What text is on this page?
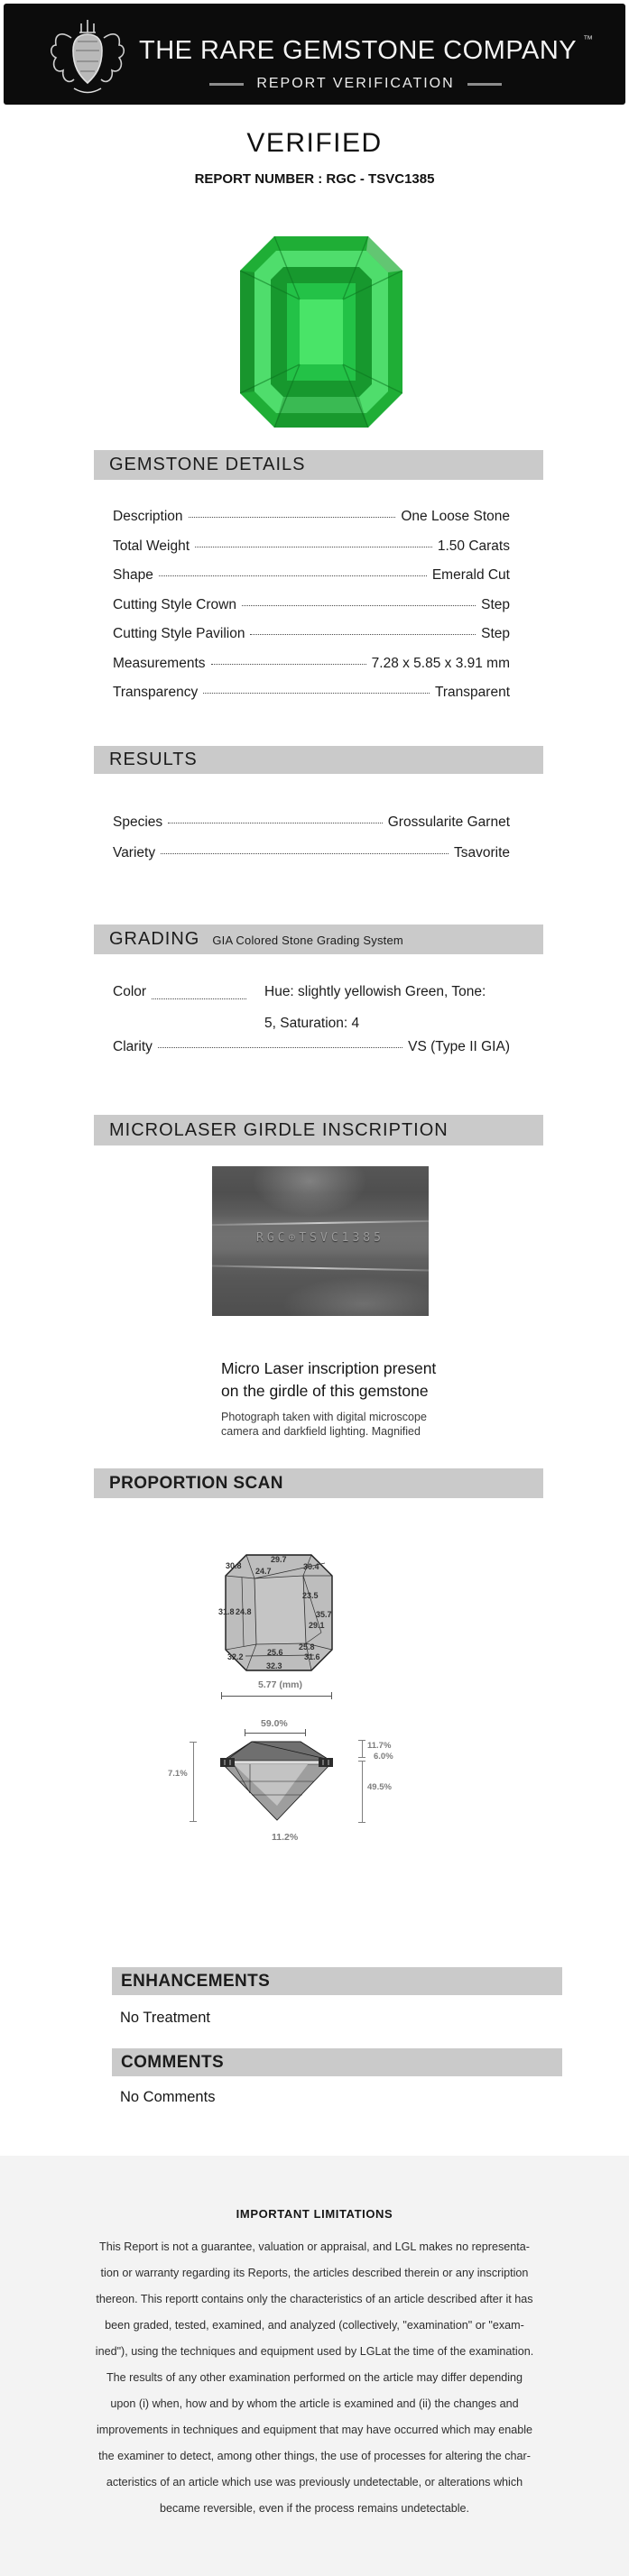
THE RARE GEMSTONE COMPANY ™
REPORT VERIFICATION
VERIFIED
REPORT NUMBER : RGC - TSVC1385
GEMSTONE DETAILS
Description	One Loose Stone
Total Weight	1.50 Carats
Shape	Emerald Cut
Cutting Style Crown	Step
Cutting Style Pavilion	Step
Measurements	7.28 x 5.85 x 3.91 mm
Transparency	Transparent
RESULTS
Species	Grossularite Garnet
Variety	Tsavorite
GRADING GIA Colored Stone Grading System
Color	Hue: slightly yellowish Green, Tone:
5, Saturation: 4
Clarity	VS (Type II GIA)
MICROLASER GIRDLE INSCRIPTION
RGC⊕TSVC1385
Micro Laser inscription present
on the girdle of this gemstone
Photograph taken with digital microscope
camera and darkfield lighting. Magnified
PROPORTION SCAN
29.7
30.8
24.7	30.4
23.5
31.8 24.8	35.7
29.1
25.8
25.6
32.2	31.6
32.3
5.77 (mm)
59.0%
7.1%
11.7%
6.0%
49.5%
11.2%
ENHANCEMENTS
No Treatment
COMMENTS
No Comments
IMPORTANT LIMITATIONS
This Report is not a guarantee, valuation or appraisal, and LGL makes no representa-
tion or warranty regarding its Reports, the articles described therein or any inscription
thereon. This reportt contains only the characteristics of an article described after it has
been graded, tested, examined, and analyzed (collectively, "examination" or "exam-
ined"), using the techniques and equipment used by LGLat the time of the examination.
The results of any other examination performed on the article may differ depending
upon (i) when, how and by whom the article is examined and (ii) the changes and
improvements in techniques and equipment that may have occurred which may enable
the examiner to detect, among other things, the use of processes for altering the char-
acteristics of an article which use was previously undetectable, or alterations which
became reversible, even if the process remains undetectable.
